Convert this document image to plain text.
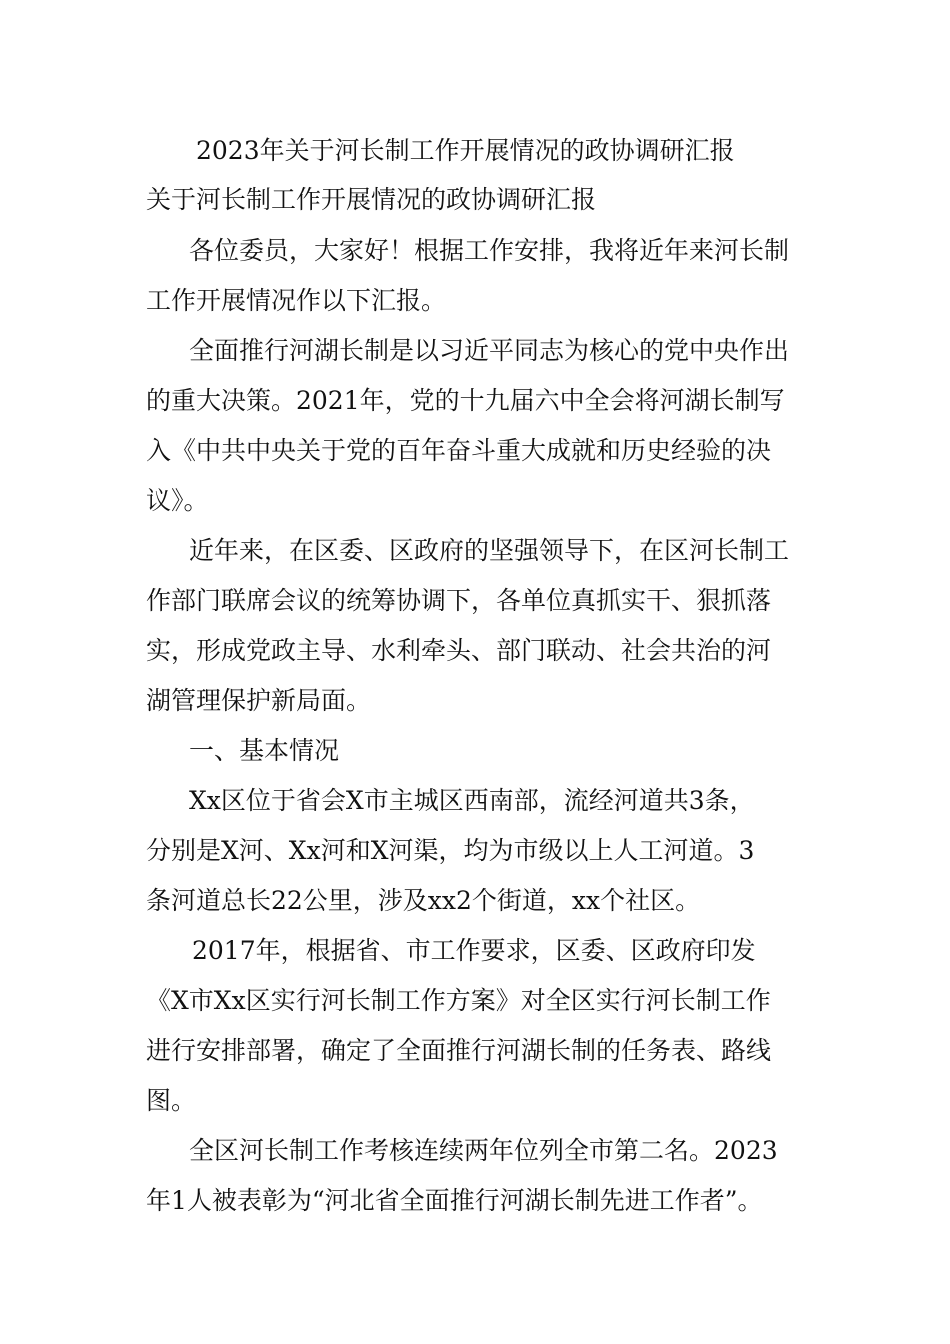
2023年关于河长制工作开展情况的政协调研汇报
关于河长制工作开展情况的政协调研汇报
各位委员，大家好！根据工作安排，我将近年来河长制
工作开展情况作以下汇报。
全面推行河湖长制是以习近平同志为核心的党中央作出
的重大决策。2021年，党的十九届六中全会将河湖长制写
入《中共中央关于党的百年奋斗重大成就和历史经验的决
议》。
近年来，在区委、区政府的坚强领导下，在区河长制工
作部门联席会议的统筹协调下，各单位真抓实干、狠抓落
实，形成党政主导、水利牵头、部门联动、社会共治的河
湖管理保护新局面。
一、基本情况
Xx区位于省会X市主城区西南部，流经河道共3条，
分别是X河、Xx河和X河渠，均为市级以上人工河道。3
条河道总长22公里，涉及xx2个街道，xx个社区。
2017年，根据省、市工作要求，区委、区政府印发
《X市Xx区实行河长制工作方案》对全区实行河长制工作
进行安排部署，确定了全面推行河湖长制的任务表、路线
图。
全区河长制工作考核连续两年位列全市第二名。2023
年1人被表彰为“河北省全面推行河湖长制先进工作者”。
